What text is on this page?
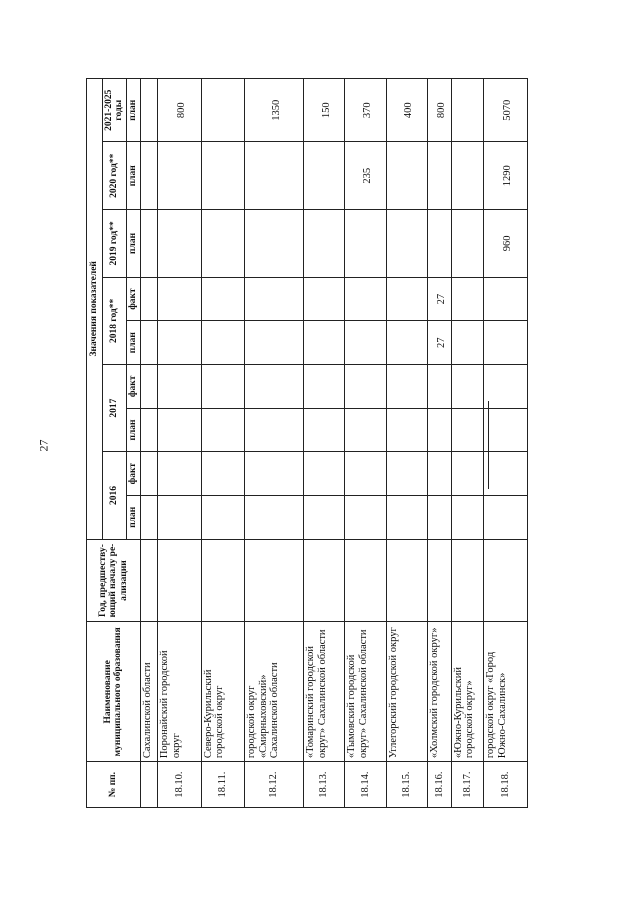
27
№ пп.	Наименование муниципального образования	Год, предшеству-ющий началу ре-ализации	Значения показателей								
			2016		2017		2018 год**		2019 год**	2020 год**	2021-2025 годы
			план	факт	план	факт	план	факт	план	план	план
	Сахалинской области										
18.10.	Поронайский городской округ										800
18.11.	Северо-Курильский городской округ										
18.12.	городской округ «Смирныховский» Сахалинской области										1350
18.13.	«Томаринский городской округ» Сахалинской области										150
18.14.	«Тымовский городской округ» Сахалинской области									235	370
18.15.	Углегорский городской округ										400
18.16.	«Холмский городской округ»						27	27			800
18.17.	«Южно-Курильский городской округ»										
18.18.	городской округ «Город Южно-Сахалинск»								960	1290	5070
